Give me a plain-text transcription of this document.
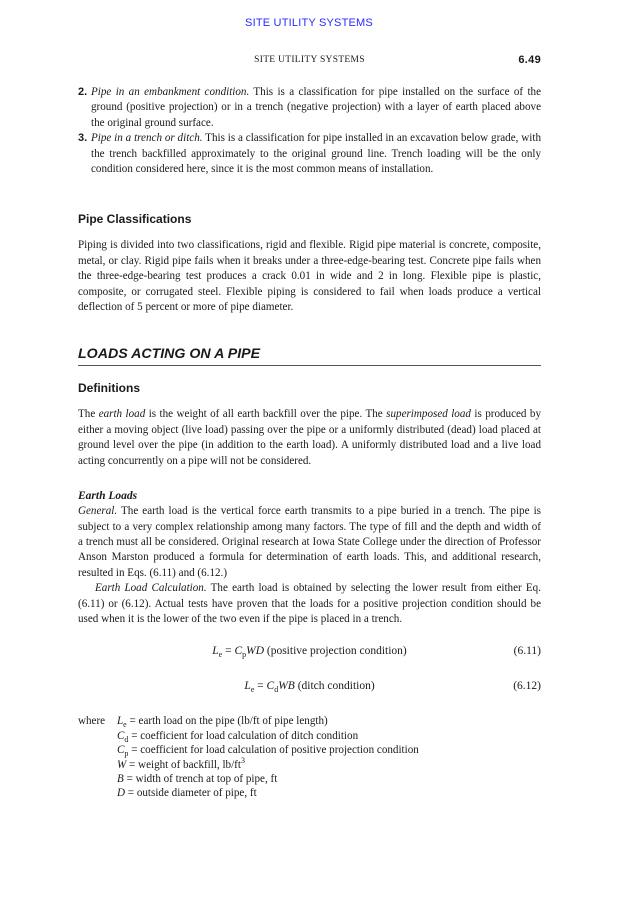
SITE UTILITY SYSTEMS
SITE UTILITY SYSTEMS	6.49
2. Pipe in an embankment condition. This is a classification for pipe installed on the surface of the ground (positive projection) or in a trench (negative projection) with a layer of earth placed above the original ground surface.
3. Pipe in a trench or ditch. This is a classification for pipe installed in an excavation below grade, with the trench backfilled approximately to the original ground line. Trench loading will be the only condition considered here, since it is the most common means of installation.
Pipe Classifications

Piping is divided into two classifications, rigid and flexible. Rigid pipe material is concrete, composite, metal, or clay. Rigid pipe fails when it breaks under a three-edge-bearing test. Concrete pipe fails when the three-edge-bearing test produces a crack 0.01 in wide and 2 in long. Flexible pipe is plastic, composite, or corrugated steel. Flexible piping is considered to fail when loads produce a vertical deflection of 5 percent or more of pipe diameter.

LOADS ACTING ON A PIPE
Definitions

The earth load is the weight of all earth backfill over the pipe. The superimposed load is produced by either a moving object (live load) passing over the pipe or a uniformly distributed (dead) load placed at ground level over the pipe (in addition to the earth load). A uniformly distributed load and a live load acting concurrently on a pipe will not be considered.

Earth Loads

General. The earth load is the vertical force earth transmits to a pipe buried in a trench. The pipe is subject to a very complex relationship among many factors. The type of fill and the depth and width of a trench must all be considered. Original research at Iowa State College under the direction of Professor Anson Marston produced a formula for determination of earth loads. This, and additional research, resulted in Eqs. (6.11) and (6.12.)

Earth Load Calculation. The earth load is obtained by selecting the lower result from either Eq. (6.11) or (6.12). Actual tests have proven that the loads for a positive projection condition should be used when it is the lower of the two even if the pipe is placed in a trench.

$L_e = C_pWD$ (positive projection condition)	(6.11)
$L_e = C_dWB$ (ditch condition)	(6.12)
where	$L_e$ = earth load on the pipe (lb/ft of pipe length)
$C_d$ = coefficient for load calculation of ditch condition
$C_p$ = coefficient for load calculation of positive projection condition
W = weight of backfill, $lb/ft^3$
B = width of trench at top of pipe, ft
D = outside diameter of pipe, ft
